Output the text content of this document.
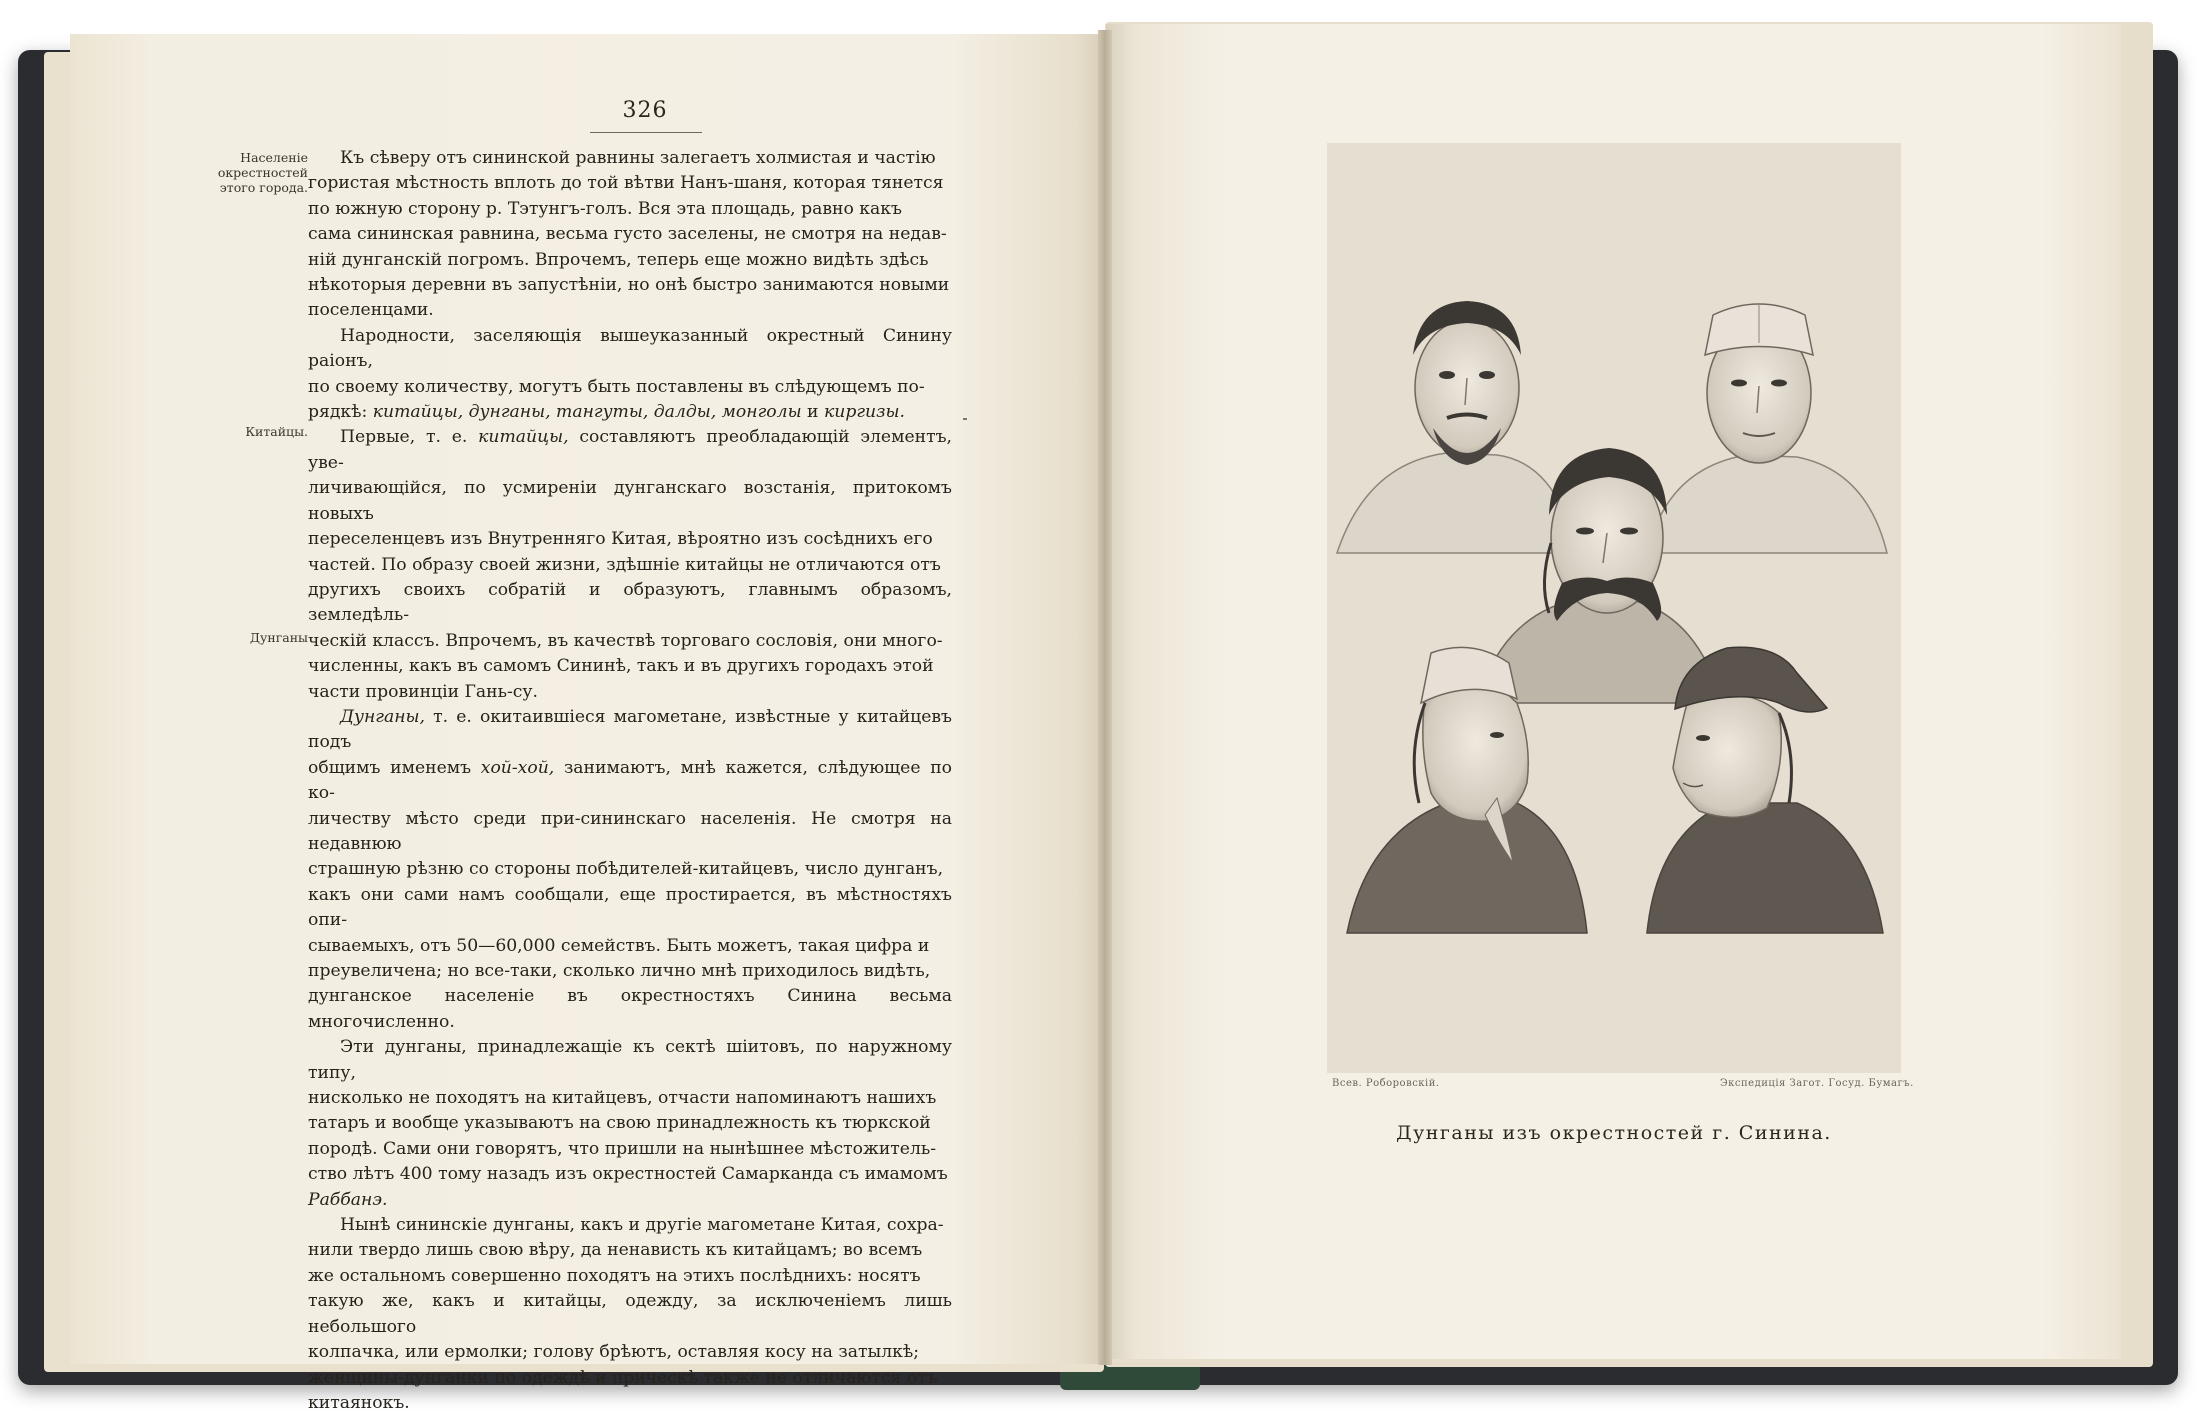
326
Населеніе окрестностей этого города.
Китайцы.
Дунганы

Къ сѣверу отъ сининской равнины залегаетъ холмистая и частію

гористая мѣстность вплоть до той вѣтви Нанъ-шаня, которая тянется

по южную сторону р. Тэтунгъ-голъ. Вся эта площадь, равно какъ

сама сининская равнина, весьма густо заселены, не смотря на недав-

ній дунганскій погромъ. Впрочемъ, теперь еще можно видѣть здѣсь

нѣкоторыя деревни въ запустѣніи, но онѣ быстро занимаются новыми

поселенцами.

Народности, заселяющія вышеуказанный окрестный Синину раіонъ,

по своему количеству, могутъ быть поставлены въ слѣдующемъ по-

рядкѣ: китайцы, дунганы, тангуты, далды, монголы и киргизы.

Первые, т. е. китайцы, составляютъ преобладающій элементъ, уве-

личивающійся, по усмиреніи дунганскаго возстанія, притокомъ новыхъ

переселенцевъ изъ Внутренняго Китая, вѣроятно изъ сосѣднихъ его

частей. По образу своей жизни, здѣшніе китайцы не отличаются отъ

другихъ своихъ собратій и образуютъ, главнымъ образомъ, земледѣль-

ческій классъ. Впрочемъ, въ качествѣ торговаго сословія, они много-

численны, какъ въ самомъ Сининѣ, такъ и въ другихъ городахъ этой

части провинціи Гань-су.

Дунганы, т. е. окитаившіеся магометане, извѣстные у китайцевъ подъ

общимъ именемъ хой-хой, занимаютъ, мнѣ кажется, слѣдующее по ко-

личеству мѣсто среди при-сининскаго населенія. Не смотря на недавнюю

страшную рѣзню со стороны побѣдителей-китайцевъ, число дунганъ,

какъ они сами намъ сообщали, еще простирается, въ мѣстностяхъ опи-

сываемыхъ, отъ 50—60,000 семействъ. Быть можетъ, такая цифра и

преувеличена; но все-таки, сколько лично мнѣ приходилось видѣть,

дунганское населеніе въ окрестностяхъ Синина весьма многочисленно.

Эти дунганы, принадлежащіе къ сектѣ шіитовъ, по наружному типу,

нисколько не походятъ на китайцевъ, отчасти напоминаютъ нашихъ

татаръ и вообще указываютъ на свою принадлежность къ тюркской

породѣ. Сами они говорятъ, что пришли на нынѣшнее мѣстожитель-

ство лѣтъ 400 тому назадъ изъ окрестностей Самарканда съ имамомъ

Раббанэ.

Нынѣ сининскіе дунганы, какъ и другіе магометане Китая, сохра-

нили твердо лишь свою вѣру, да ненависть къ китайцамъ; во всемъ

же остальномъ совершенно походятъ на этихъ послѣднихъ: носятъ

такую же, какъ и китайцы, одежду, за исключеніемъ лишь небольшого

колпачка, или ермолки; голову брѣютъ, оставляя косу на затылкѣ;

женщины-дунганки по одеждѣ и прическѣ также не отличаются отъ

китаянокъ.

Всев. Роборовскій.	Экспедиція Загот. Госуд. Бумагъ.
Дунганы изъ окрестностей г. Синина.
